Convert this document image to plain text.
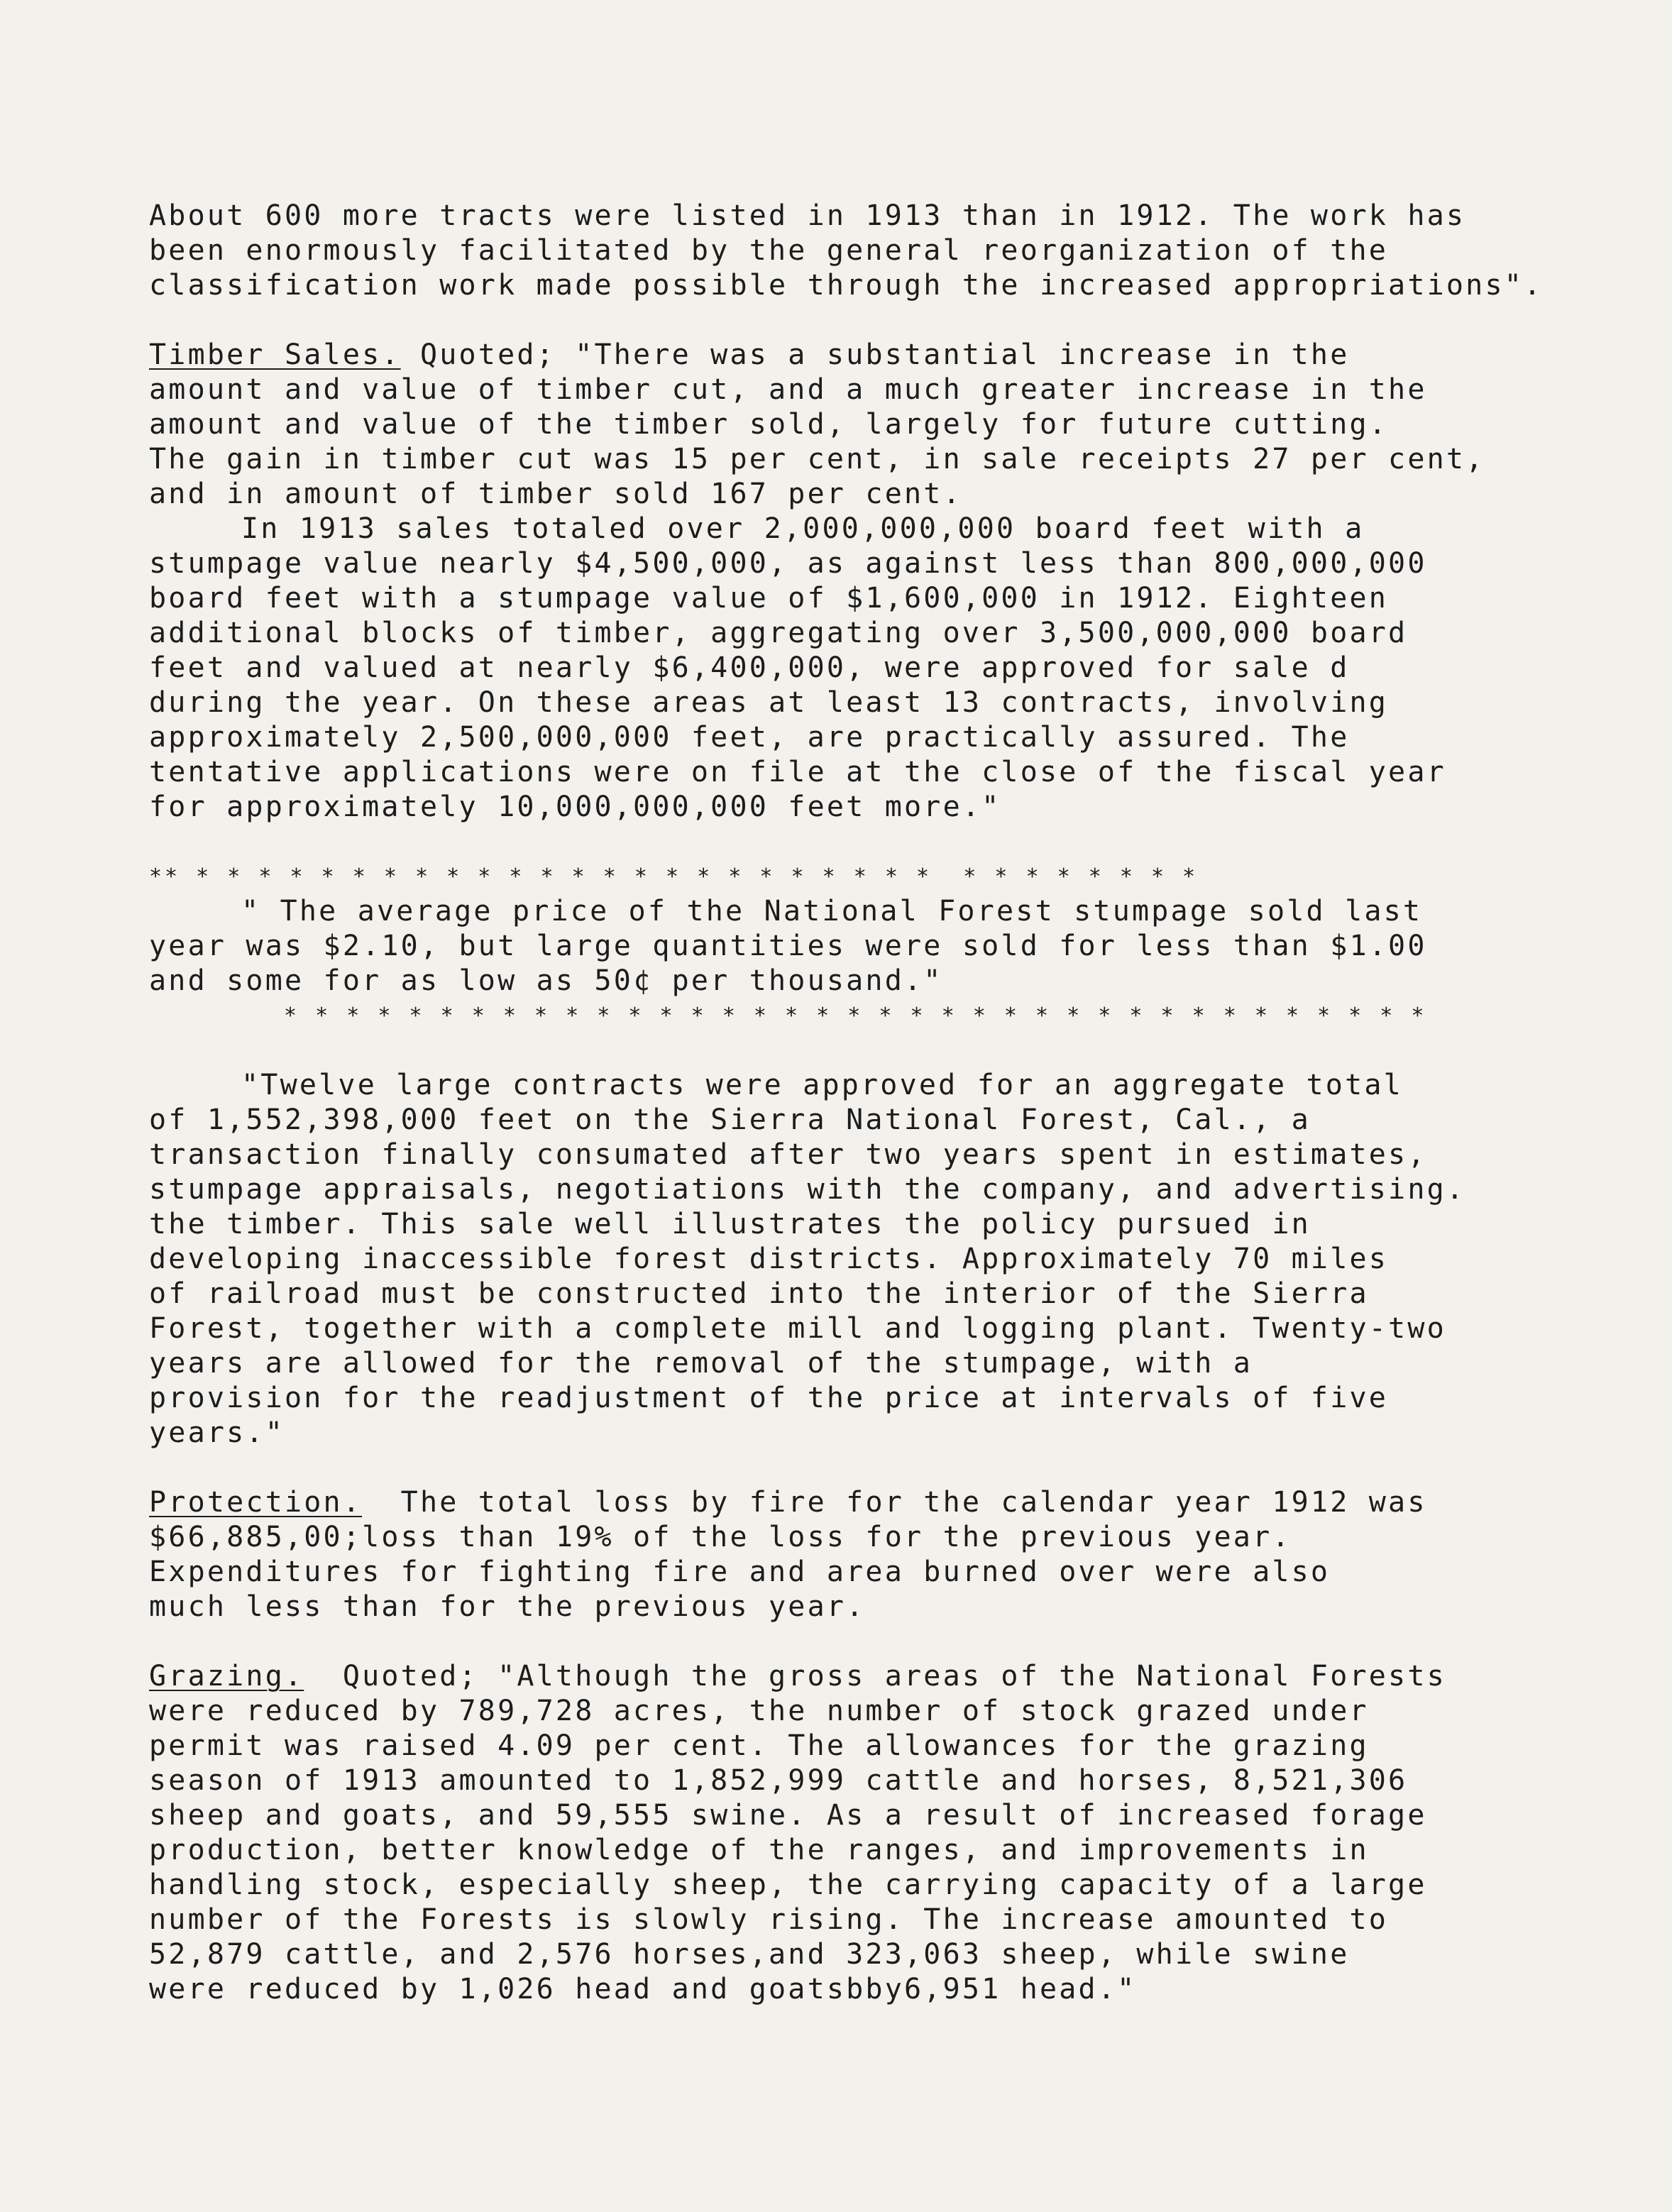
About 600 more tracts were listed in 1913 than in 1912. The work has
been enormously facilitated by the general reorganization of the
classification work made possible through the increased appropriations".
Timber Sales. Quoted; "There was a substantial increase in the
amount and value of timber cut, and a much greater increase in the
amount and value of the timber sold, largely for future cutting.
The gain in timber cut was 15 per cent, in sale receipts 27 per cent,
and in amount of timber sold 167 per cent.
In 1913 sales totaled over 2,000,000,000 board feet with a
stumpage value nearly $4,500,000, as against less than 800,000,000
board feet with a stumpage value of $1,600,000 in 1912. Eighteen
additional blocks of timber, aggregating over 3,500,000,000 board
feet and valued at nearly $6,400,000, were approved for sale d
during the year. On these areas at least 13 contracts, involving
approximately 2,500,000,000 feet, are practically assured. The
tentative applications were on file at the close of the fiscal year
for approximately 10,000,000,000 feet more."
** * * * * * * * * * * * * * * * * * * * * * * * *  * * * * * * * *
" The average price of the National Forest stumpage sold last
year was $2.10, but large quantities were sold for less than $1.00
and some for as low as 50¢ per thousand."
* * * * * * * * * * * * * * * * * * * * * * * * * * * * * * * * * * * * *
"Twelve large contracts were approved for an aggregate total
of 1,552,398,000 feet on the Sierra National Forest, Cal., a
transaction finally consumated after two years spent in estimates,
stumpage appraisals, negotiations with the company, and advertising.
the timber. This sale well illustrates the policy pursued in
developing inaccessible forest districts. Approximately 70 miles
of railroad must be constructed into the interior of the Sierra
Forest, together with a complete mill and logging plant. Twenty-two
years are allowed for the removal of the stumpage, with a
provision for the readjustment of the price at intervals of five
years."
Protection.  The total loss by fire for the calendar year 1912 was
$66,885,00;loss than 19% of the loss for the previous year.
Expenditures for fighting fire and area burned over were also
much less than for the previous year.
Grazing.  Quoted; "Although the gross areas of the National Forests
were reduced by 789,728 acres, the number of stock grazed under
permit was raised 4.09 per cent. The allowances for the grazing
season of 1913 amounted to 1,852,999 cattle and horses, 8,521,306
sheep and goats, and 59,555 swine. As a result of increased forage
production, better knowledge of the ranges, and improvements in
handling stock, especially sheep, the carrying capacity of a large
number of the Forests is slowly rising. The increase amounted to
52,879 cattle, and 2,576 horses,and 323,063 sheep, while swine
were reduced by 1,026 head and goatsbby6,951 head."
